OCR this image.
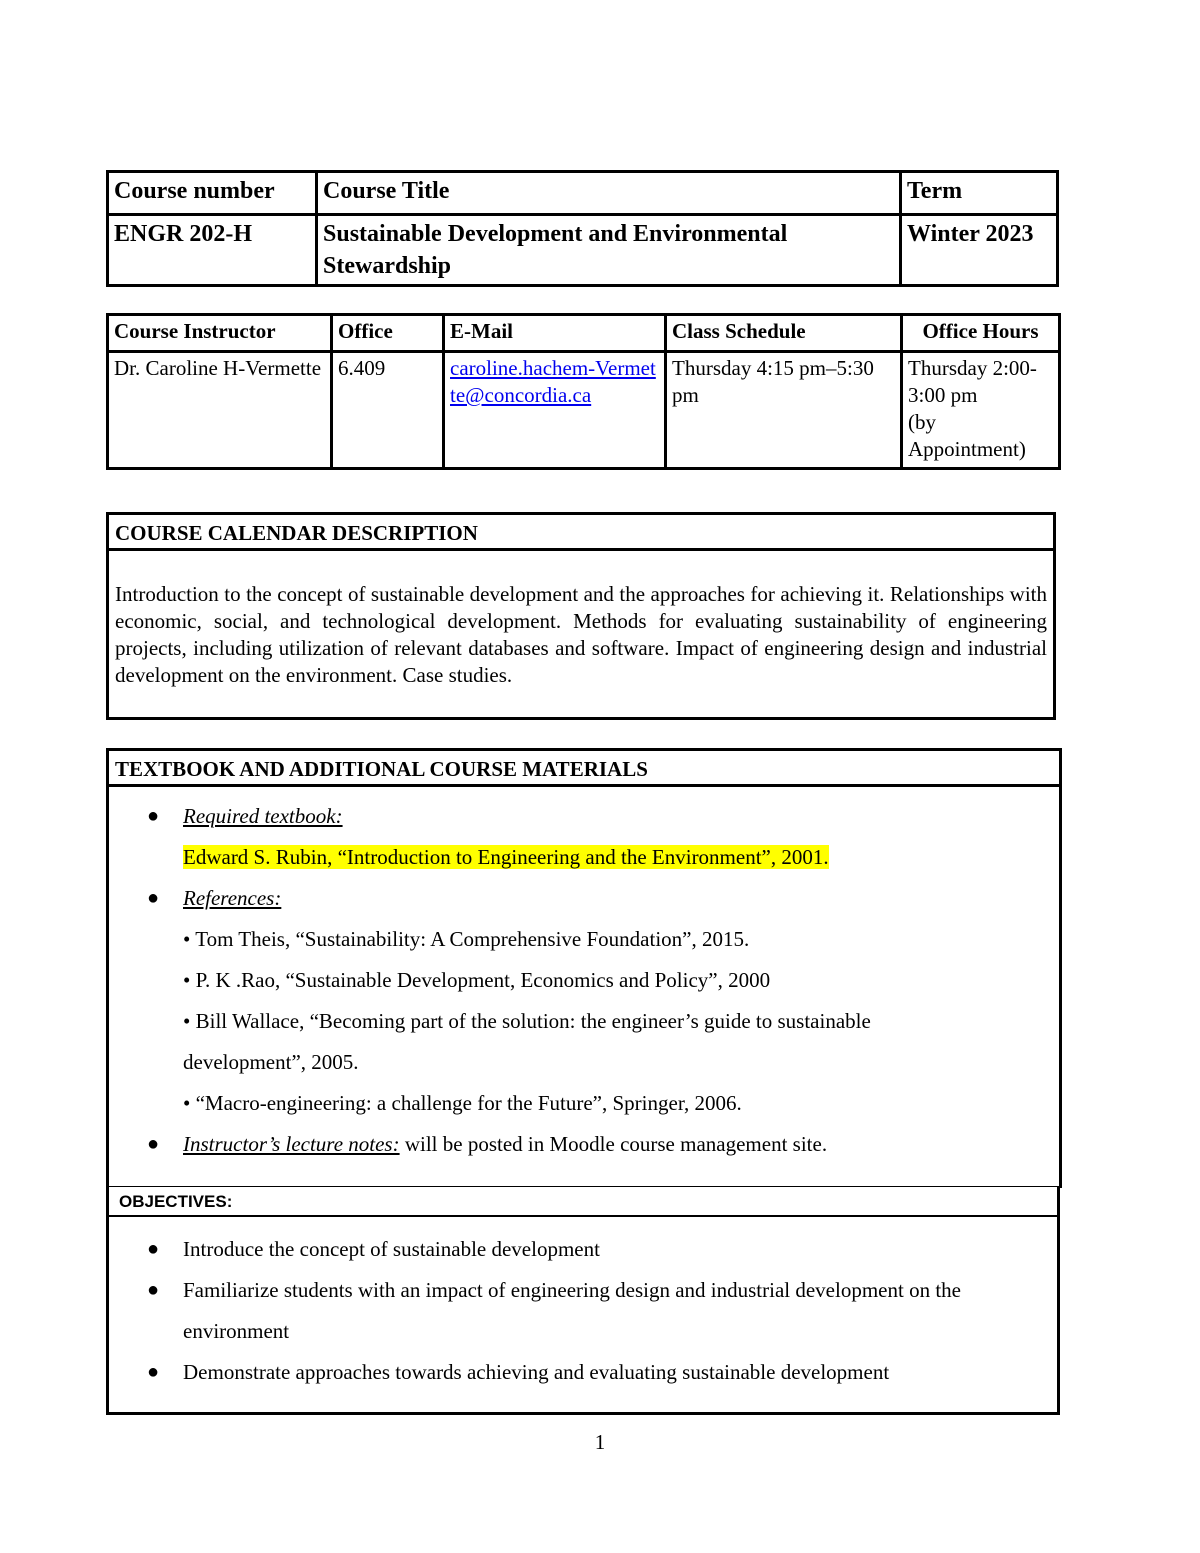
Course number	Course Title	Term
ENGR 202-H	Sustainable Development and Environmental Stewardship	Winter 2023
Course Instructor	Office	E-Mail	Class Schedule	Office Hours
Dr. Caroline H-Vermette	6.409	caroline.hachem-Vermette@concordia.ca	Thursday 4:15 pm–5:30 pm	Thursday 2:00-3:00 pm
(by Appointment)
COURSE CALENDAR DESCRIPTION
Introduction to the concept of sustainable development and the approaches for achieving it. Relationships with economic, social, and technological development. Methods for evaluating sustainability of engineering projects, including utilization of relevant databases and software. Impact of engineering design and industrial development on the environment. Case studies.
TEXTBOOK AND ADDITIONAL COURSE MATERIALS
● Required textbook:
Edward S. Rubin, “Introduction to Engineering and the Environment”, 2001.
● References:
• Tom Theis, “Sustainability: A Comprehensive Foundation”, 2015.
• P. K .Rao, “Sustainable Development, Economics and Policy”, 2000
• Bill Wallace, “Becoming part of the solution: the engineer’s guide to sustainable
development”, 2005.
• “Macro-engineering: a challenge for the Future”, Springer, 2006.
● Instructor’s lecture notes: will be posted in Moodle course management site.
OBJECTIVES:
● Introduce the concept of sustainable development
● Familiarize students with an impact of engineering design and industrial development on the
environment
● Demonstrate approaches towards achieving and evaluating sustainable development
1
